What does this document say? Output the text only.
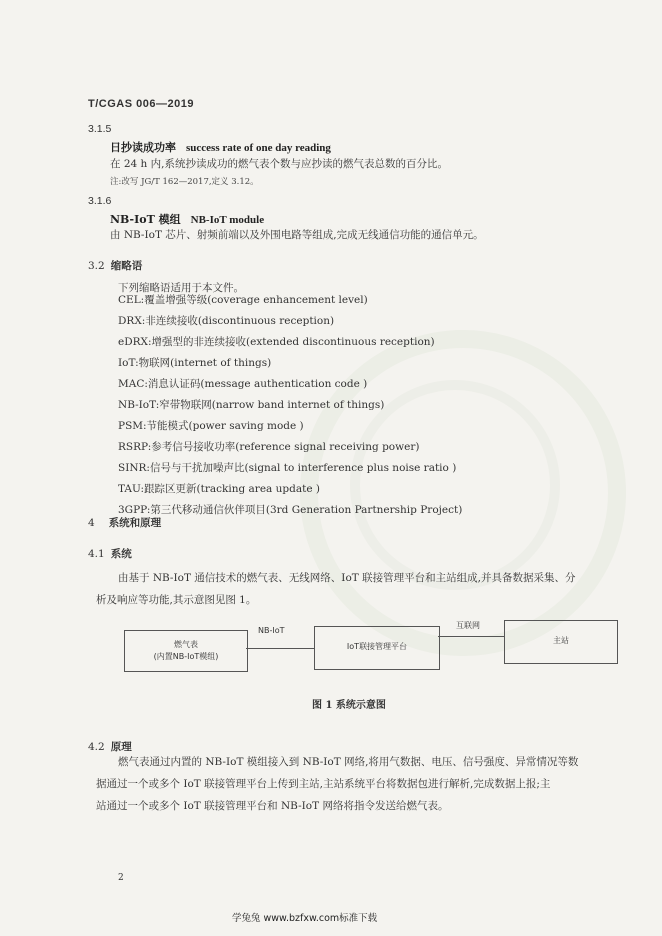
T/CGAS 006—2019
3.1.5
日抄读成功率 success rate of one day reading
在 24 h 内,系统抄读成功的燃气表个数与应抄读的燃气表总数的百分比。
注:改写 JG/T 162—2017,定义 3.12。
3.1.6
NB-IoT 模组 NB-IoT module
由 NB-IoT 芯片、射频前端以及外围电路等组成,完成无线通信功能的通信单元。
3.2 缩略语
下列缩略语适用于本文件。
CEL:覆盖增强等级(coverage enhancement level)
DRX:非连续接收(discontinuous reception)
eDRX:增强型的非连续接收(extended discontinuous reception)
IoT:物联网(internet of things)
MAC:消息认证码(message authentication code )
NB-IoT:窄带物联网(narrow band internet of things)
PSM:节能模式(power saving mode )
RSRP:参考信号接收功率(reference signal receiving power)
SINR:信号与干扰加噪声比(signal to interference plus noise ratio )
TAU:跟踪区更新(tracking area update )
3GPP:第三代移动通信伙伴项目(3rd Generation Partnership Project)
4 系统和原理
4.1 系统
由基于 NB-IoT 通信技术的燃气表、无线网络、IoT 联接管理平台和主站组成,并具备数据采集、分
析及响应等功能,其示意图见图 1。
燃气表
(内置NB-IoT模组)
NB-IoT
IoT联接管理平台
互联网
主站
图 1 系统示意图
4.2 原理
燃气表通过内置的 NB-IoT 模组接入到 NB-IoT 网络,将用气数据、电压、信号强度、异常情况等数
据通过一个或多个 IoT 联接管理平台上传到主站,主站系统平台将数据包进行解析,完成数据上报;主
站通过一个或多个 IoT 联接管理平台和 NB-IoT 网络将指令发送给燃气表。
2
学兔兔 www.bzfxw.com标准下载
